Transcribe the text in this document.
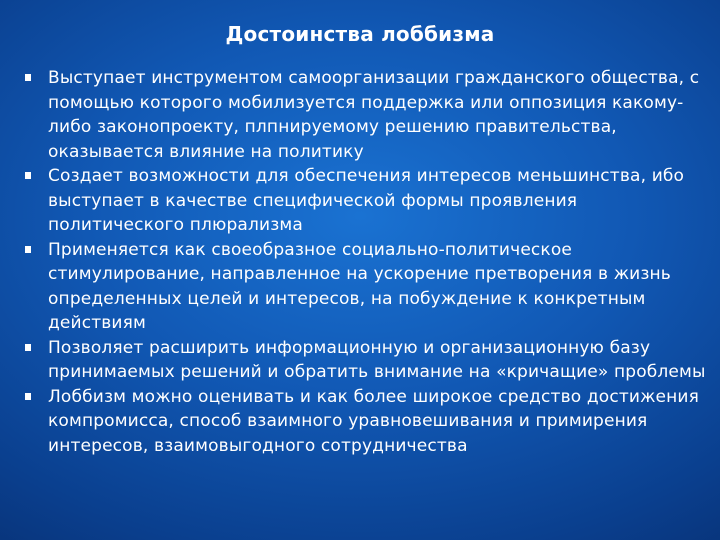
Достоинства лоббизма
Выступает инструментом самоорганизации гражданского общества, с помощью которого мобилизуется поддержка или оппозиция какому-либо законопроекту, плпнируемому решению правительства, оказывается влияние на политику
Создает возможности для обеспечения интересов меньшинства, ибо выступает в качестве специфической формы проявления политического плюрализма
Применяется как своеобразное социально-политическое стимулирование, направленное на ускорение претворения в жизнь определенных целей и интересов, на побуждение к конкретным действиям
Позволяет расширить информационную и организационную базу принимаемых решений и обратить внимание на «кричащие» проблемы
Лоббизм можно оценивать и как более широкое средство достижения компромисса, способ взаимного уравновешивания и примирения интересов, взаимовыгодного сотрудничества
